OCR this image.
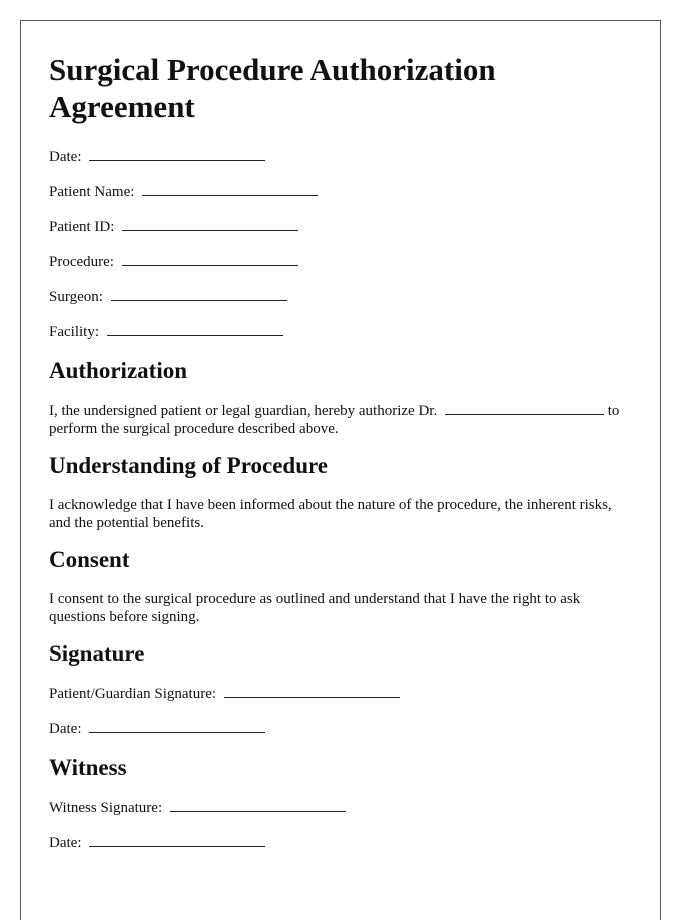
Surgical Procedure Authorization Agreement
Date:
Patient Name:
Patient ID:
Procedure:
Surgeon:
Facility:
Authorization

I, the undersigned patient or legal guardian, hereby authorize Dr.	to perform the surgical procedure described above.

Understanding of Procedure

I acknowledge that I have been informed about the nature of the procedure, the inherent risks, and the potential benefits.

Consent

I consent to the surgical procedure as outlined and understand that I have the right to ask questions before signing.

Signature
Patient/Guardian Signature:
Date:
Witness
Witness Signature:
Date:
